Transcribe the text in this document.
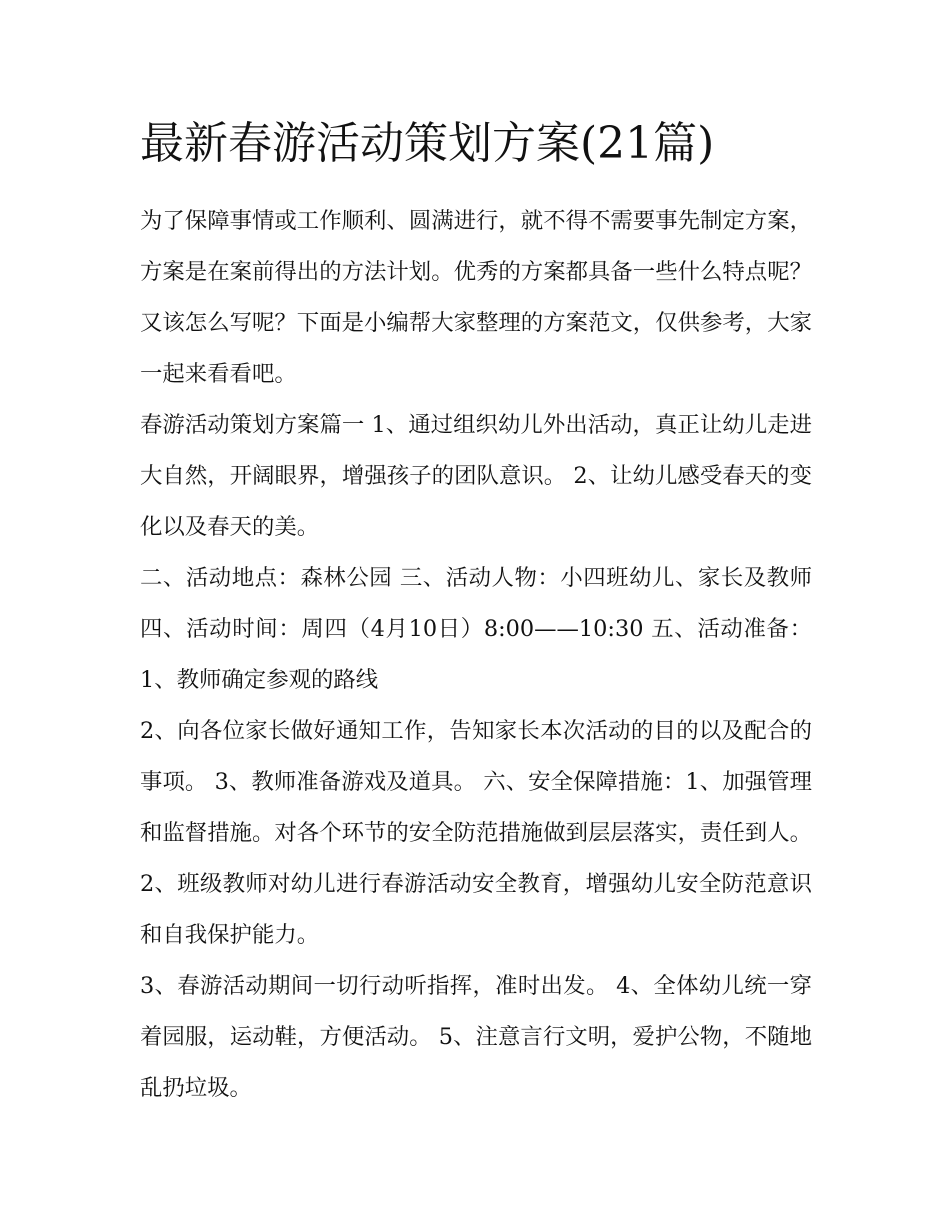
最新春游活动策划方案(21篇)

为了保障事情或工作顺利、圆满进行，就不得不需要事先制定方案，方案是在案前得出的方法计划。优秀的方案都具备一些什么特点呢？又该怎么写呢？下面是小编帮大家整理的方案范文，仅供参考，大家一起来看看吧。

春游活动策划方案篇一 1、通过组织幼儿外出活动，真正让幼儿走进大自然，开阔眼界，增强孩子的团队意识。 2、让幼儿感受春天的变化以及春天的美。

二、活动地点：森林公园 三、活动人物：小四班幼儿、家长及教师 四、活动时间：周四（4月10日）8:00——10:30 五、活动准备： 1、教师确定参观的路线

2、向各位家长做好通知工作，告知家长本次活动的目的以及配合的事项。 3、教师准备游戏及道具。 六、安全保障措施：1、加强管理和监督措施。对各个环节的安全防范措施做到层层落实，责任到人。 2、班级教师对幼儿进行春游活动安全教育，增强幼儿安全防范意识和自我保护能力。

3、春游活动期间一切行动听指挥，准时出发。 4、全体幼儿统一穿着园服，运动鞋，方便活动。 5、注意言行文明，爱护公物，不随地乱扔垃圾。
